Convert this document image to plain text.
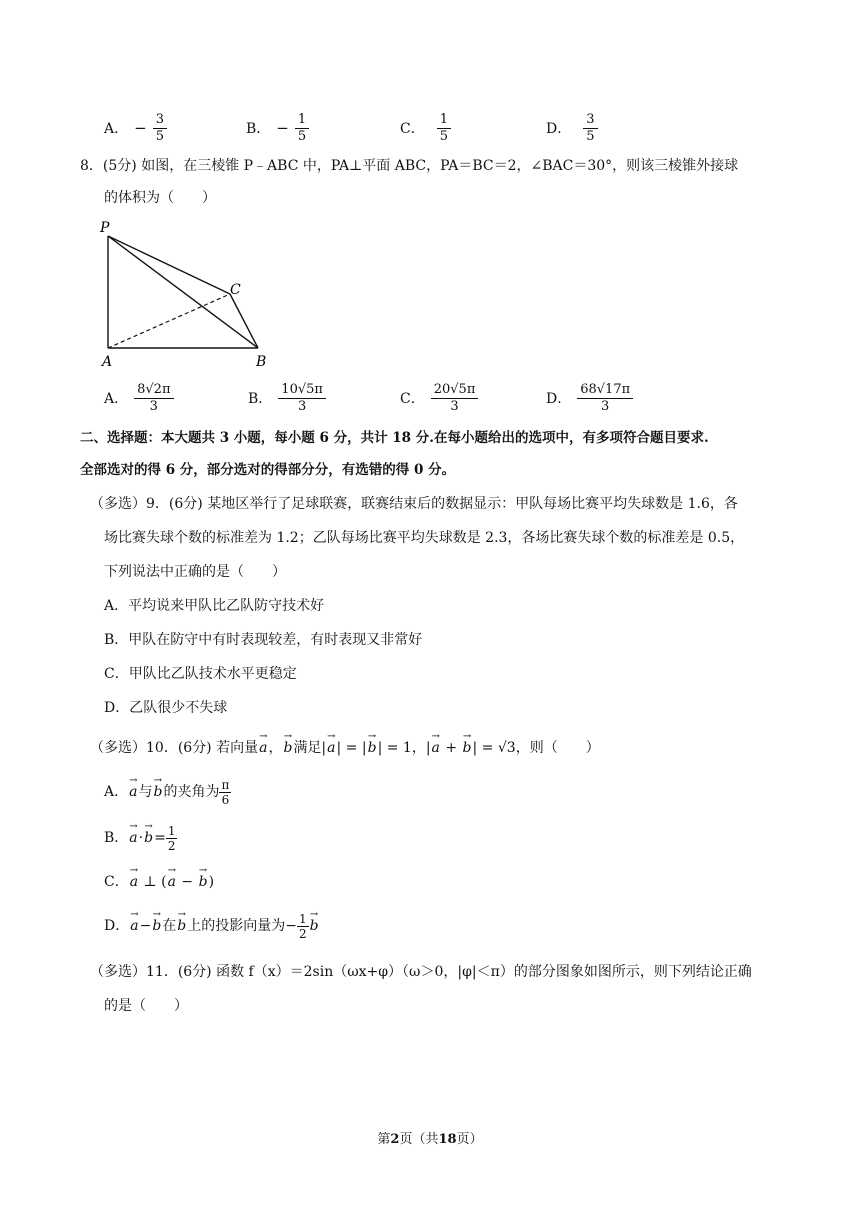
A． − $\frac{3}{5}$	B． − $\frac{1}{5}$	C． $\frac{1}{5}$	D． $\frac{3}{5}$
8．(5分) 如图，在三棱锥 P﹣ABC 中，PA⊥平面 ABC，PA＝BC＝2，∠BAC＝30°，则该三棱锥外接球
的体积为（　　）
P
A	B
C
A． $\frac{8√2\pi}{3}$	B． $\frac{10√5\pi}{3}$	C． $\frac{20√5\pi}{3}$	D． $\frac{68√17\pi}{3}$
二、选择题：本大题共 3 小题，每小题 6 分，共计 18 分.在每小题给出的选项中，有多项符合题目要求.
全部选对的得 6 分，部分选对的得部分分，有选错的得 0 分。
（多选）9．(6分) 某地区举行了足球联赛，联赛结束后的数据显示：甲队每场比赛平均失球数是 1.6，各
场比赛失球个数的标准差为 1.2；乙队每场比赛平均失球数是 2.3，各场比赛失球个数的标准差是 0.5，
下列说法中正确的是（　　）
A．平均说来甲队比乙队防守技术好
B．甲队在防守中有时表现较差，有时表现又非常好
C．甲队比乙队技术水平更稳定
D．乙队很少不失球
（多选）10．(6分) 若向量→ a，→ b满足|→ a| = |→ b| = 1，|→ a + → b| = √3，则（　　）
A．
→ a 与
→ b 的夹角为 $\frac{\pi}{6}$
B．
→ a ·
→ $b = \frac{1}{2}$
C．→ a ⊥ (→ a − → b)
D．
→ a −
→ b 在
→ b 上的投影向量为 − $\frac{1}{2}$
→ b
（多选）11．(6分) 函数 f（x）＝2sin（ωx+φ）（ω＞0，|φ|＜π）的部分图象如图所示，则下列结论正确
的是（　　）
第2页（共18页）
